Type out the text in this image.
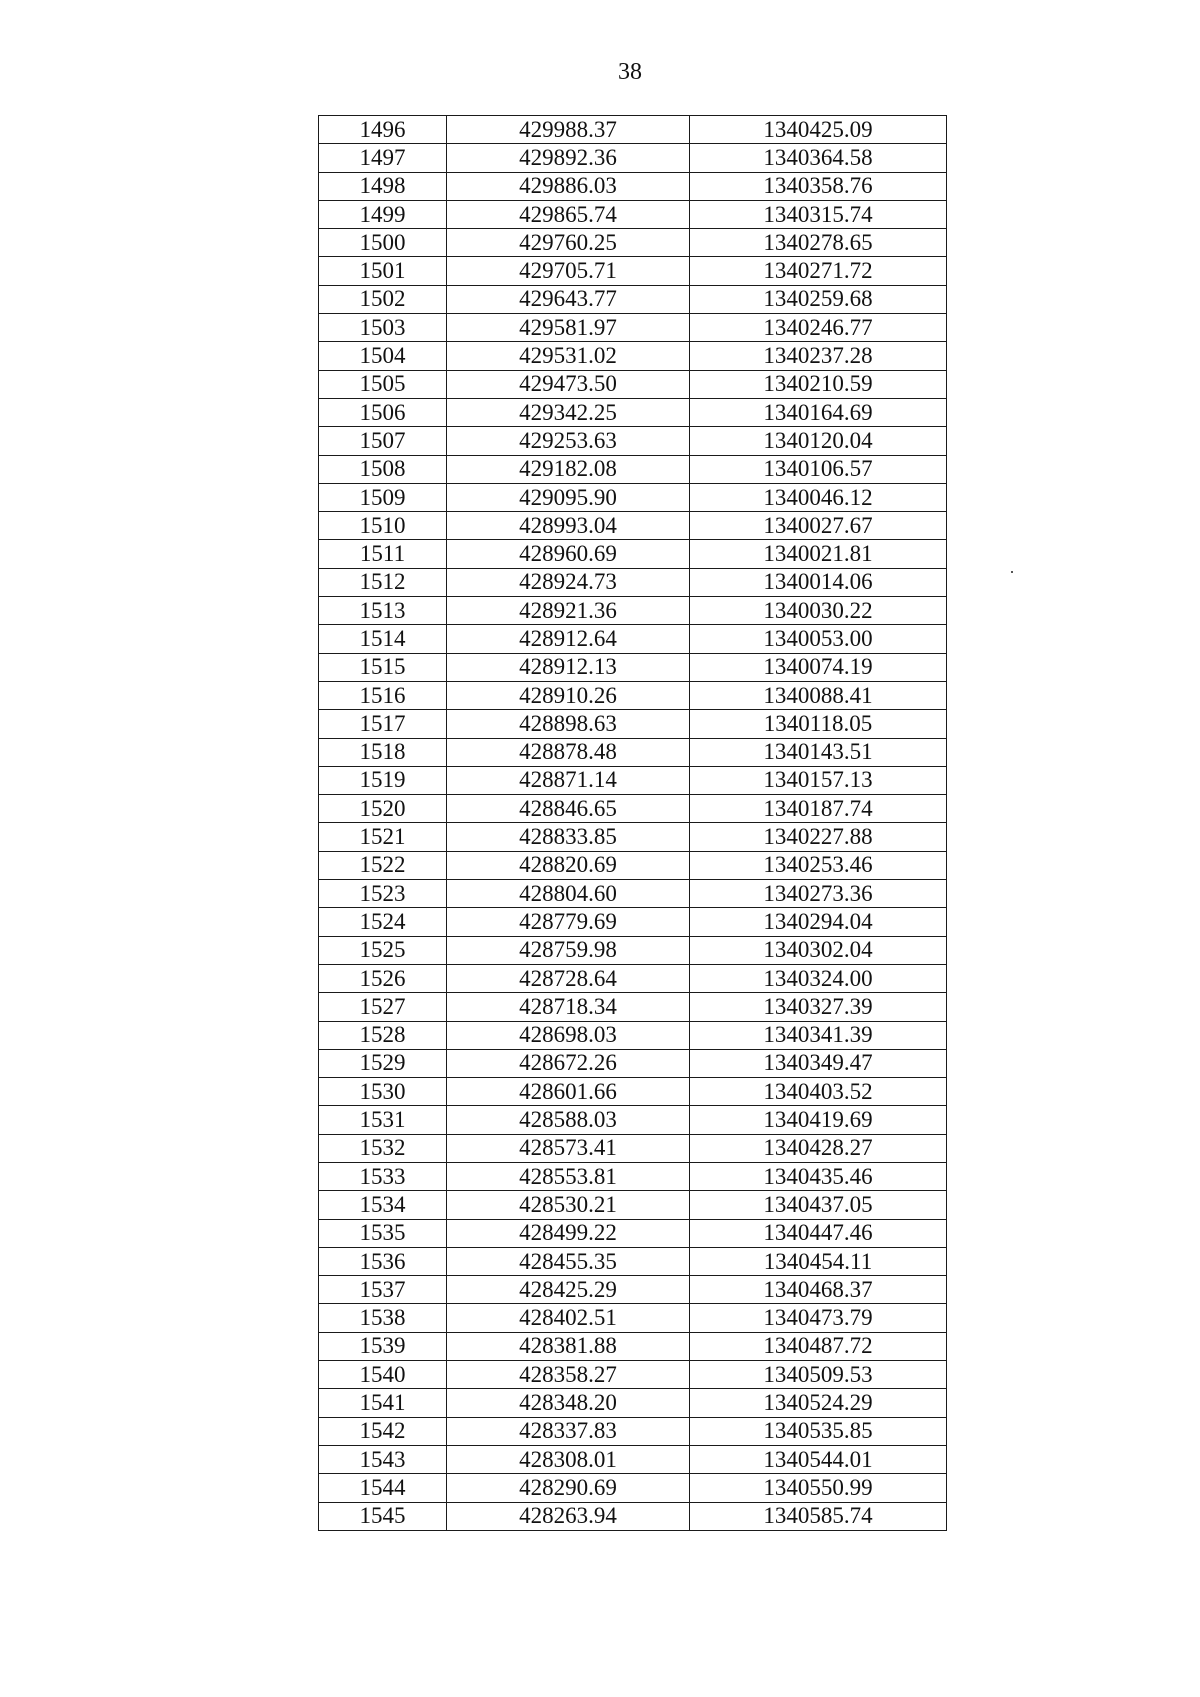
38
1496	429988.37	1340425.09
1497	429892.36	1340364.58
1498	429886.03	1340358.76
1499	429865.74	1340315.74
1500	429760.25	1340278.65
1501	429705.71	1340271.72
1502	429643.77	1340259.68
1503	429581.97	1340246.77
1504	429531.02	1340237.28
1505	429473.50	1340210.59
1506	429342.25	1340164.69
1507	429253.63	1340120.04
1508	429182.08	1340106.57
1509	429095.90	1340046.12
1510	428993.04	1340027.67
1511	428960.69	1340021.81
1512	428924.73	1340014.06
1513	428921.36	1340030.22
1514	428912.64	1340053.00
1515	428912.13	1340074.19
1516	428910.26	1340088.41
1517	428898.63	1340118.05
1518	428878.48	1340143.51
1519	428871.14	1340157.13
1520	428846.65	1340187.74
1521	428833.85	1340227.88
1522	428820.69	1340253.46
1523	428804.60	1340273.36
1524	428779.69	1340294.04
1525	428759.98	1340302.04
1526	428728.64	1340324.00
1527	428718.34	1340327.39
1528	428698.03	1340341.39
1529	428672.26	1340349.47
1530	428601.66	1340403.52
1531	428588.03	1340419.69
1532	428573.41	1340428.27
1533	428553.81	1340435.46
1534	428530.21	1340437.05
1535	428499.22	1340447.46
1536	428455.35	1340454.11
1537	428425.29	1340468.37
1538	428402.51	1340473.79
1539	428381.88	1340487.72
1540	428358.27	1340509.53
1541	428348.20	1340524.29
1542	428337.83	1340535.85
1543	428308.01	1340544.01
1544	428290.69	1340550.99
1545	428263.94	1340585.74
